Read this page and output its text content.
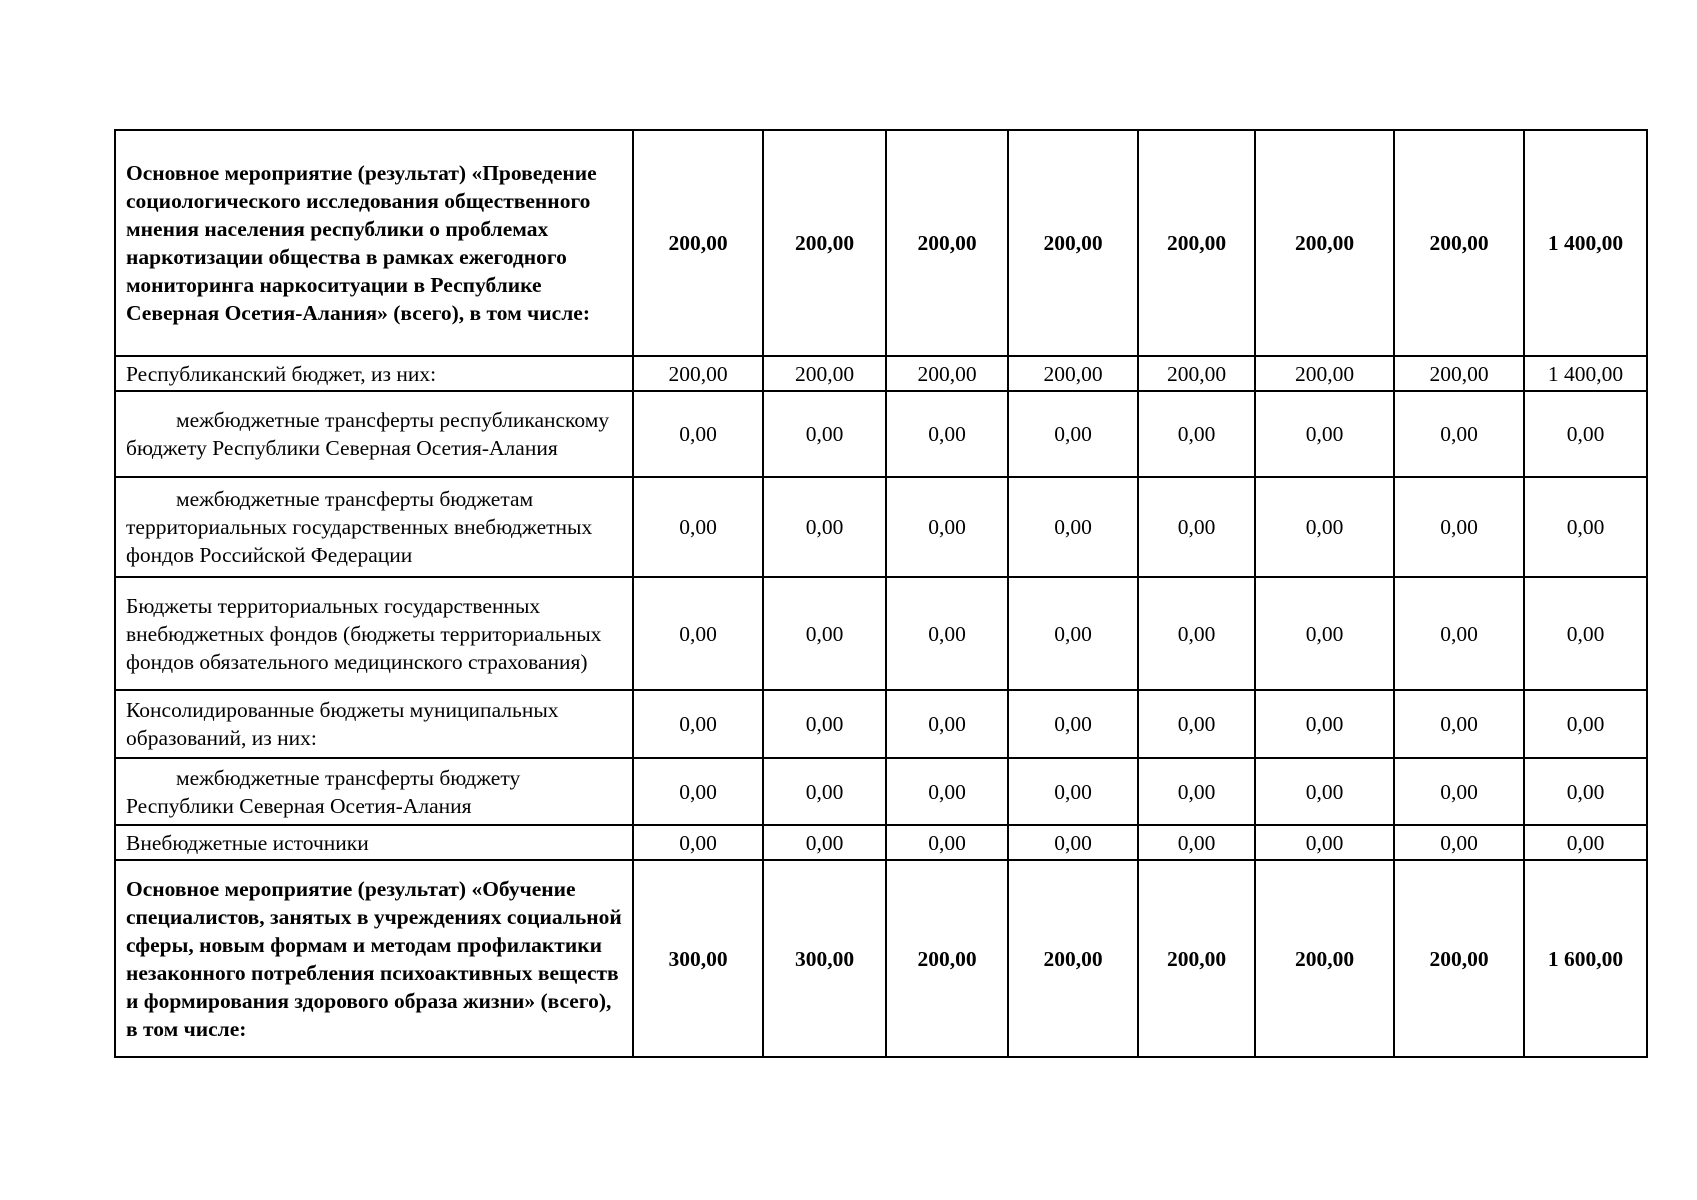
Основное мероприятие (результат) «Проведение социологического исследования общественного мнения населения республики о проблемах наркотизации общества в рамках ежегодного мониторинга наркоситуации в Республике Северная Осетия-Алания» (всего), в том числе:	200,00	200,00	200,00	200,00	200,00	200,00	200,00	1 400,00
Республиканский бюджет, из них:	200,00	200,00	200,00	200,00	200,00	200,00	200,00	1 400,00
межбюджетные трансферты республиканскому бюджету Республики Северная Осетия-Алания	0,00	0,00	0,00	0,00	0,00	0,00	0,00	0,00
межбюджетные трансферты бюджетам территориальных государственных внебюджетных фондов Российской Федерации	0,00	0,00	0,00	0,00	0,00	0,00	0,00	0,00
Бюджеты территориальных государственных внебюджетных фондов (бюджеты территориальных фондов обязательного медицинского страхования)	0,00	0,00	0,00	0,00	0,00	0,00	0,00	0,00
Консолидированные бюджеты муниципальных образований, из них:	0,00	0,00	0,00	0,00	0,00	0,00	0,00	0,00
межбюджетные трансферты бюджету Республики Северная Осетия-Алания	0,00	0,00	0,00	0,00	0,00	0,00	0,00	0,00
Внебюджетные источники	0,00	0,00	0,00	0,00	0,00	0,00	0,00	0,00
Основное мероприятие (результат) «Обучение специалистов, занятых в учреждениях социальной сферы, новым формам и методам профилактики незаконного потребления психоактивных веществ и формирования здорового образа жизни» (всего), в том числе:	300,00	300,00	200,00	200,00	200,00	200,00	200,00	1 600,00
